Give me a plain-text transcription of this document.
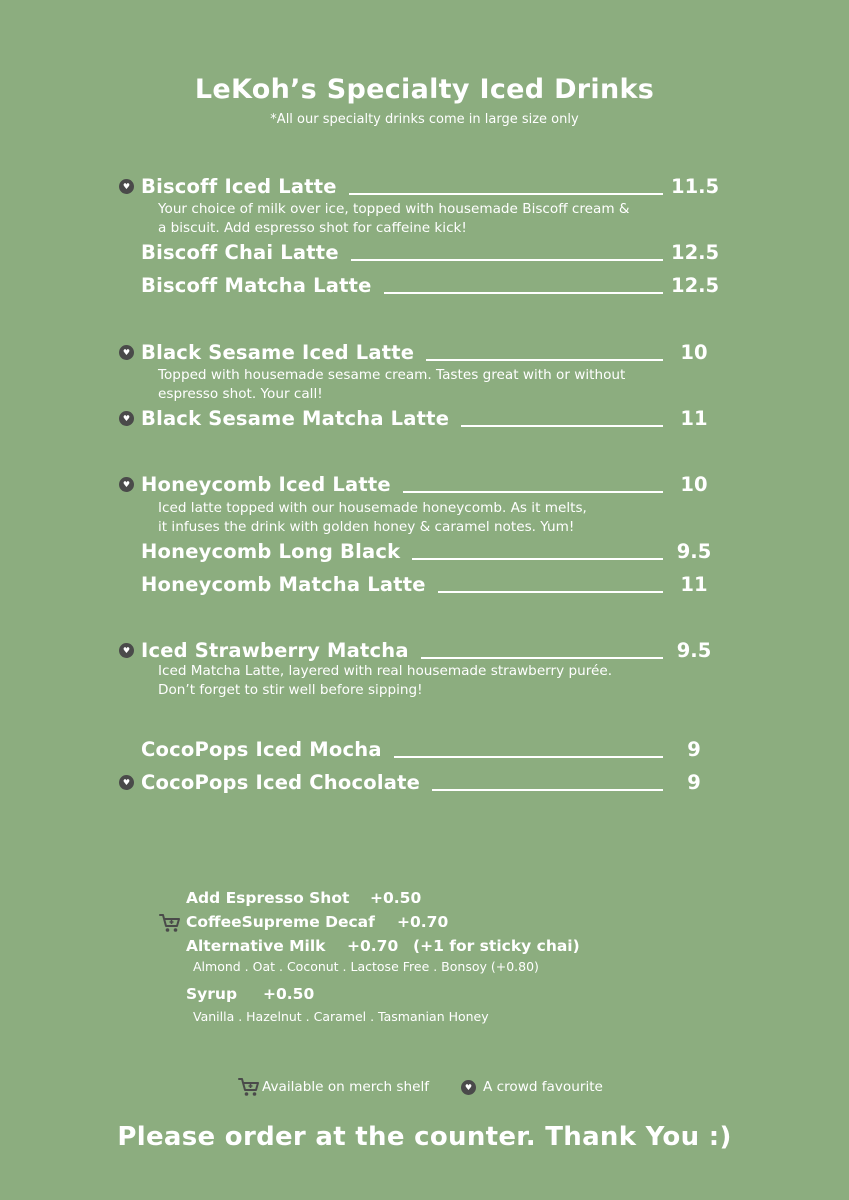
LeKoh’s Specialty Iced Drinks
*All our specialty drinks come in large size only
♥
♥
♥
♥
♥
♥
Biscoff Iced Latte	11.5
Your choice of milk over ice, topped with housemade Biscoff cream &
a biscuit. Add espresso shot for caffeine kick!
Biscoff Chai Latte	12.5
Biscoff Matcha Latte	12.5
Black Sesame Iced Latte	10
Topped with housemade sesame cream. Tastes great with or without
espresso shot. Your call!
Black Sesame Matcha Latte	11
Honeycomb Iced Latte	10
Iced latte topped with our housemade honeycomb. As it melts,
it infuses the drink with golden honey & caramel notes. Yum!
Honeycomb Long Black	9.5
Honeycomb Matcha Latte	11
Iced Strawberry Matcha	9.5
Iced Matcha Latte, layered with real housemade strawberry purée.
Don’t forget to stir well before sipping!
CocoPops Iced Mocha	9
CocoPops Iced Chocolate	9
Add Espresso Shot +0.50
CoffeeSupreme Decaf +0.70
Alternative Milk +0.70 (+1 for sticky chai)
Almond . Oat . Coconut . Lactose Free . Bonsoy (+0.80)
Syrup +0.50
Vanilla . Hazelnut . Caramel . Tasmanian Honey
Available on merch shelf	♥ A crowd favourite
Please order at the counter. Thank You :)
